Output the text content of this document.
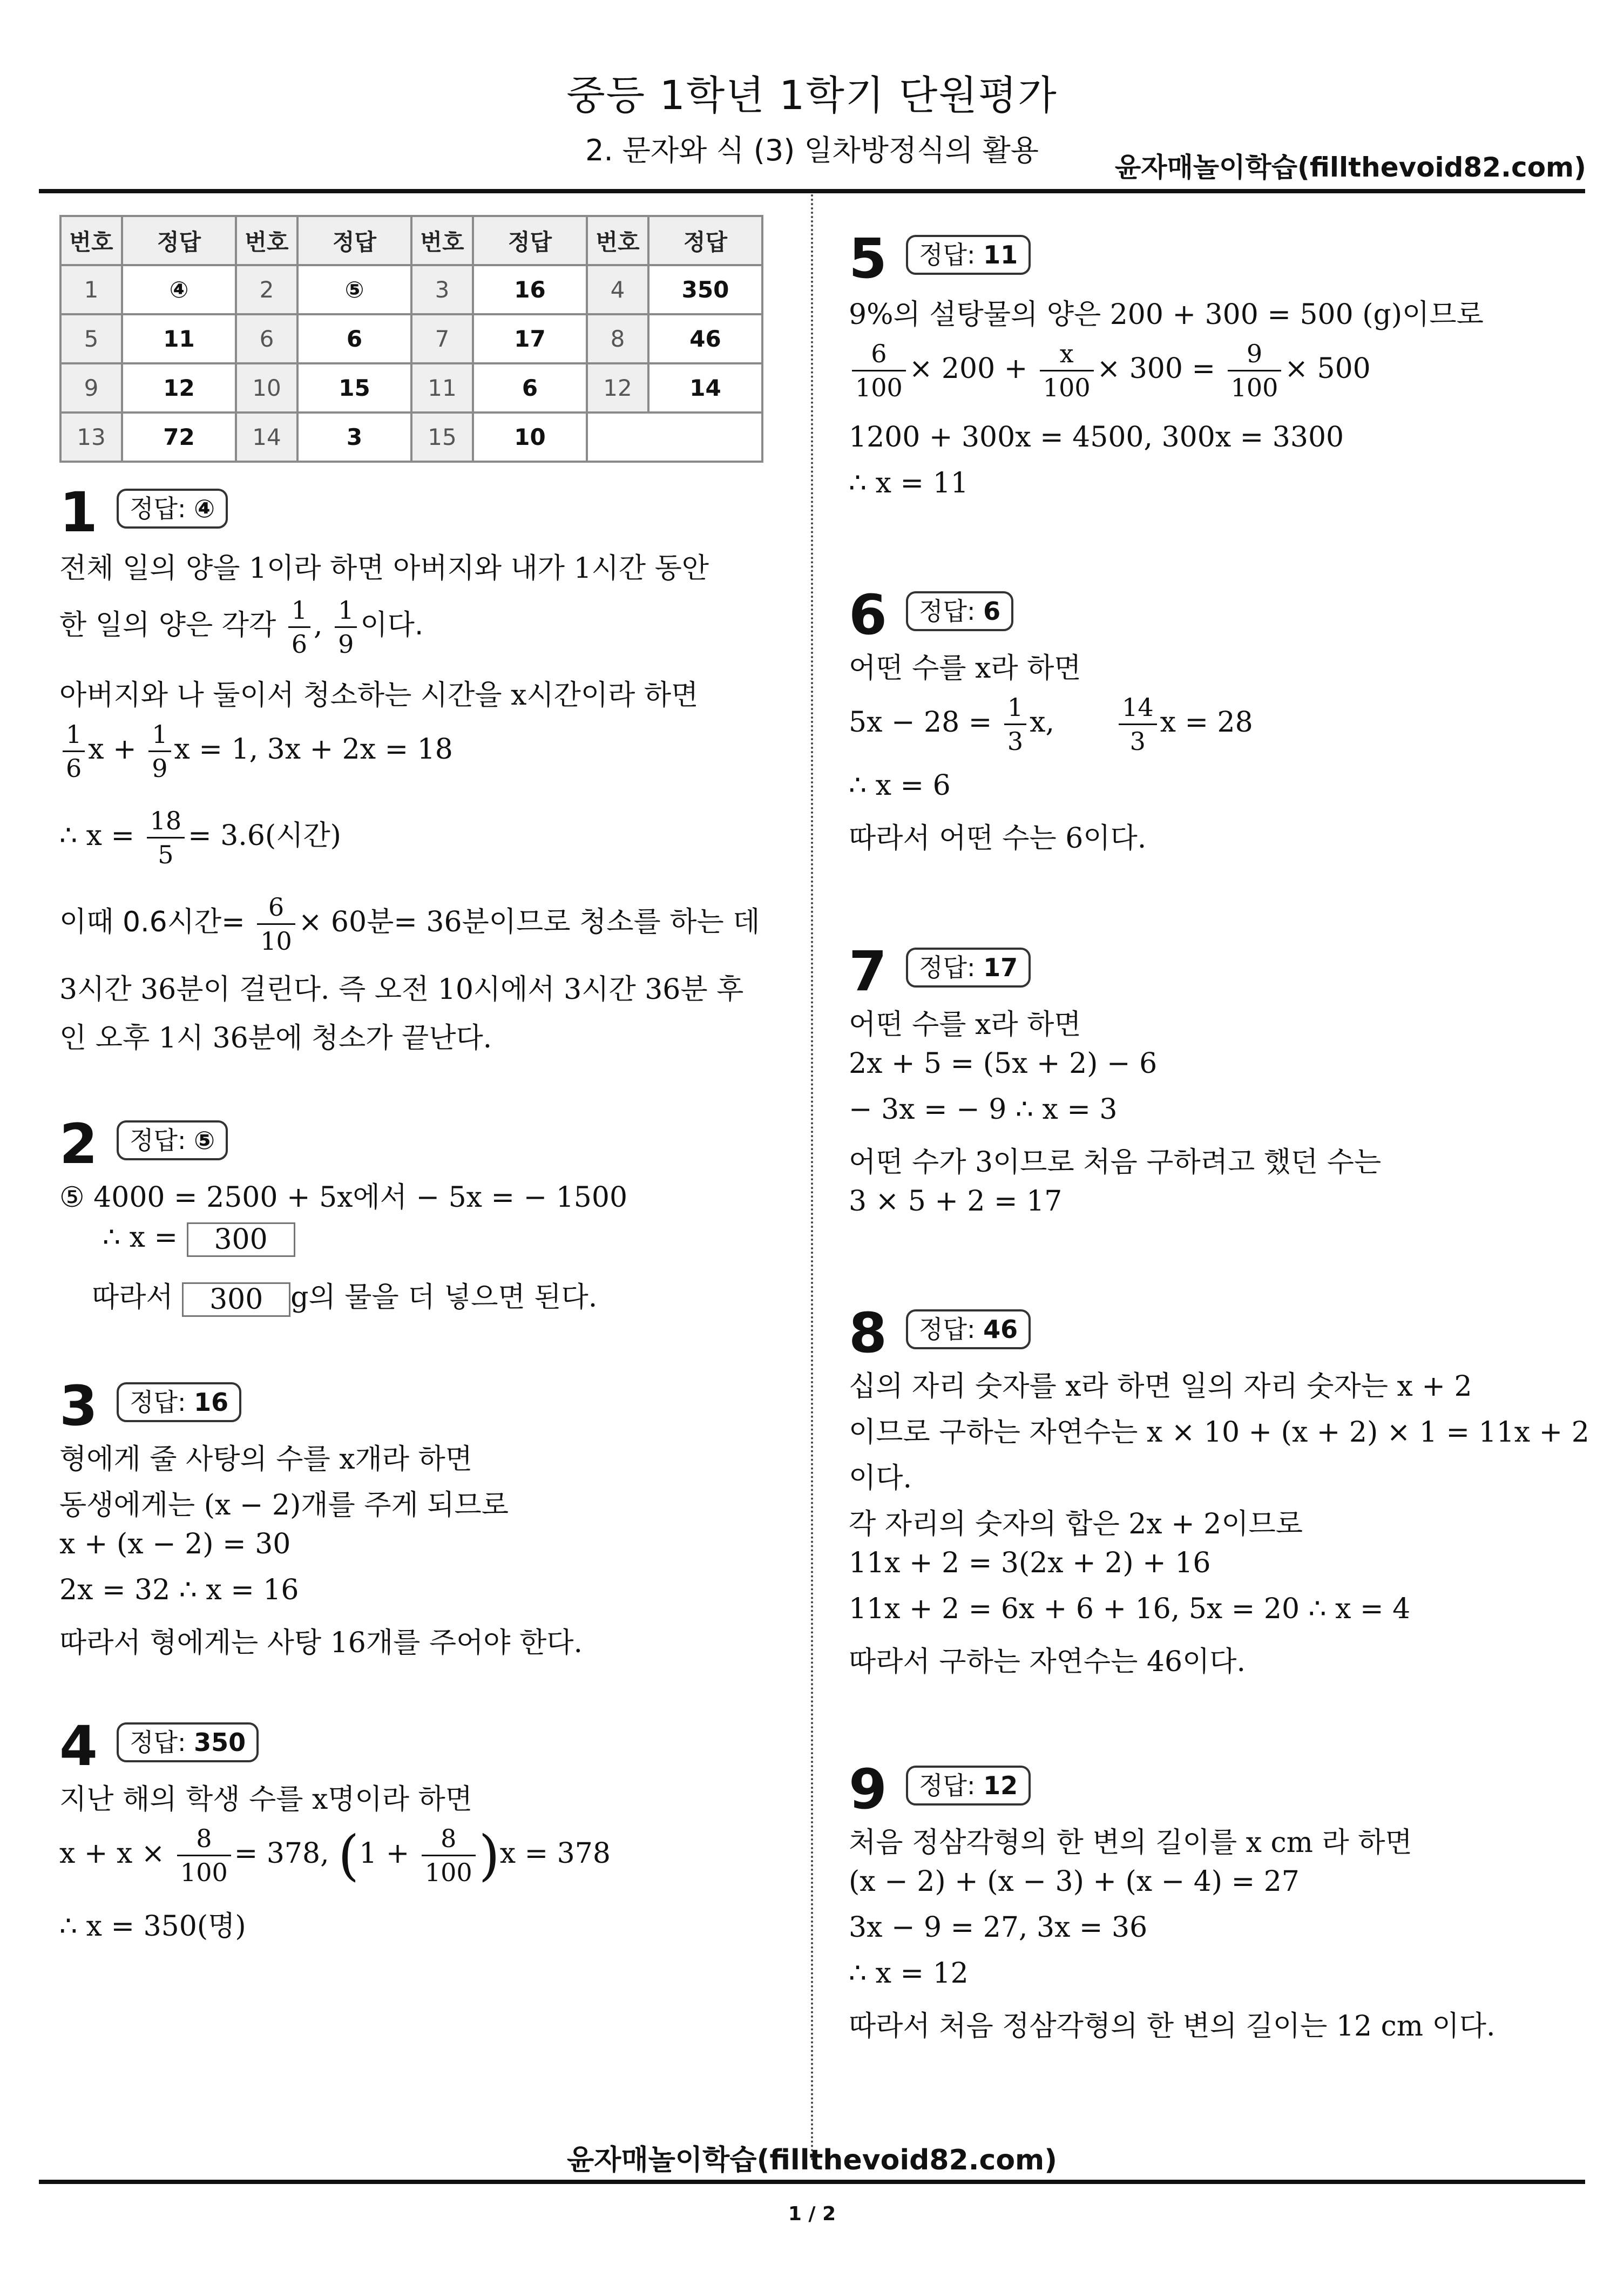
중등 1학년 1학기 단원평가
2. 문자와 식 (3) 일차방정식의 활용	윤자매놀이학습(fillthevoid82.com)
번호	정답	번호	정답	번호	정답	번호	정답
1	④	2	⑤	3	16	4	350
5	11	6	6	7	17	8	46
9	12	10	15	11	6	12	14
13	72	14	3	15	10		
1 정답: ④
전체 일의 양을 1이라 하면 아버지와 내가 1시간 동안
한 일의 양은 각각 $\frac{1}{6}$ , $\frac{1}{9}$ 이다.
아버지와 나 둘이서 청소하는 시간을 x시간이라 하면
$\frac{1}{6}$ $x + \frac{1}{9}$ x = 1, 3x + 2x = 18
∴ $x = \frac{18}{5} = 3.6$(시간)
이때 0.6시간= $\frac{6}{10} \times 60$분= 36분이므로 청소를 하는 데
3시간 36분이 걸린다. 즉 오전 10시에서 3시간 36분 후
인 오후 1시 36분에 청소가 끝난다.
2 정답: ⑤
⑤ 4000 = 2500 + 5x에서 − 5x = − 1500
∴ x = 300
따라서 300 g의 물을 더 넣으면 된다.
3 정답: 16
형에게 줄 사탕의 수를 x개라 하면
동생에게는 (x − 2)개를 주게 되므로
x + (x − 2) = 30
2x = 32 ∴ x = 16
따라서 형에게는 사탕 16개를 주어야 한다.
4 정답: 350
지난 해의 학생 수를 x명이라 하면
$x + x \times \frac{8}{100} = 378$, $(1 + \frac{8}{100} )x = 378$
∴ x = 350(명)
5 정답: 11
9%의 설탕물의 양은 200 + 300 = 500 (g)이므로
$\frac{6}{100} \times 200 + \frac{x}{100} \times 300 = \frac{9}{100} \times 500$
1200 + 300x = 4500, 300x = 3300
∴ x = 11
6 정답: 6
어떤 수를 x라 하면
$5x - 28 = \frac{1}{3} x$,	$\frac{14}{3}$ x = 28
∴ x = 6
따라서 어떤 수는 6이다.
7 정답: 17
어떤 수를 x라 하면
2x + 5 = (5x + 2) − 6
− 3x = − 9 ∴ x = 3
어떤 수가 3이므로 처음 구하려고 했던 수는
3 × 5 + 2 = 17
8 정답: 46
십의 자리 숫자를 x라 하면 일의 자리 숫자는 x + 2
이므로 구하는 자연수는 x × 10 + (x + 2) × 1 = 11x + 2
이다.
각 자리의 숫자의 합은 2x + 2이므로
11x + 2 = 3(2x + 2) + 16
11x + 2 = 6x + 6 + 16, 5x = 20 ∴ x = 4
따라서 구하는 자연수는 46이다.
9 정답: 12
처음 정삼각형의 한 변의 길이를 x cm 라 하면
(x − 2) + (x − 3) + (x − 4) = 27
3x − 9 = 27, 3x = 36
∴ x = 12
따라서 처음 정삼각형의 한 변의 길이는 12 cm 이다.
윤자매놀이학습(fillthevoid82.com)
1 / 2
